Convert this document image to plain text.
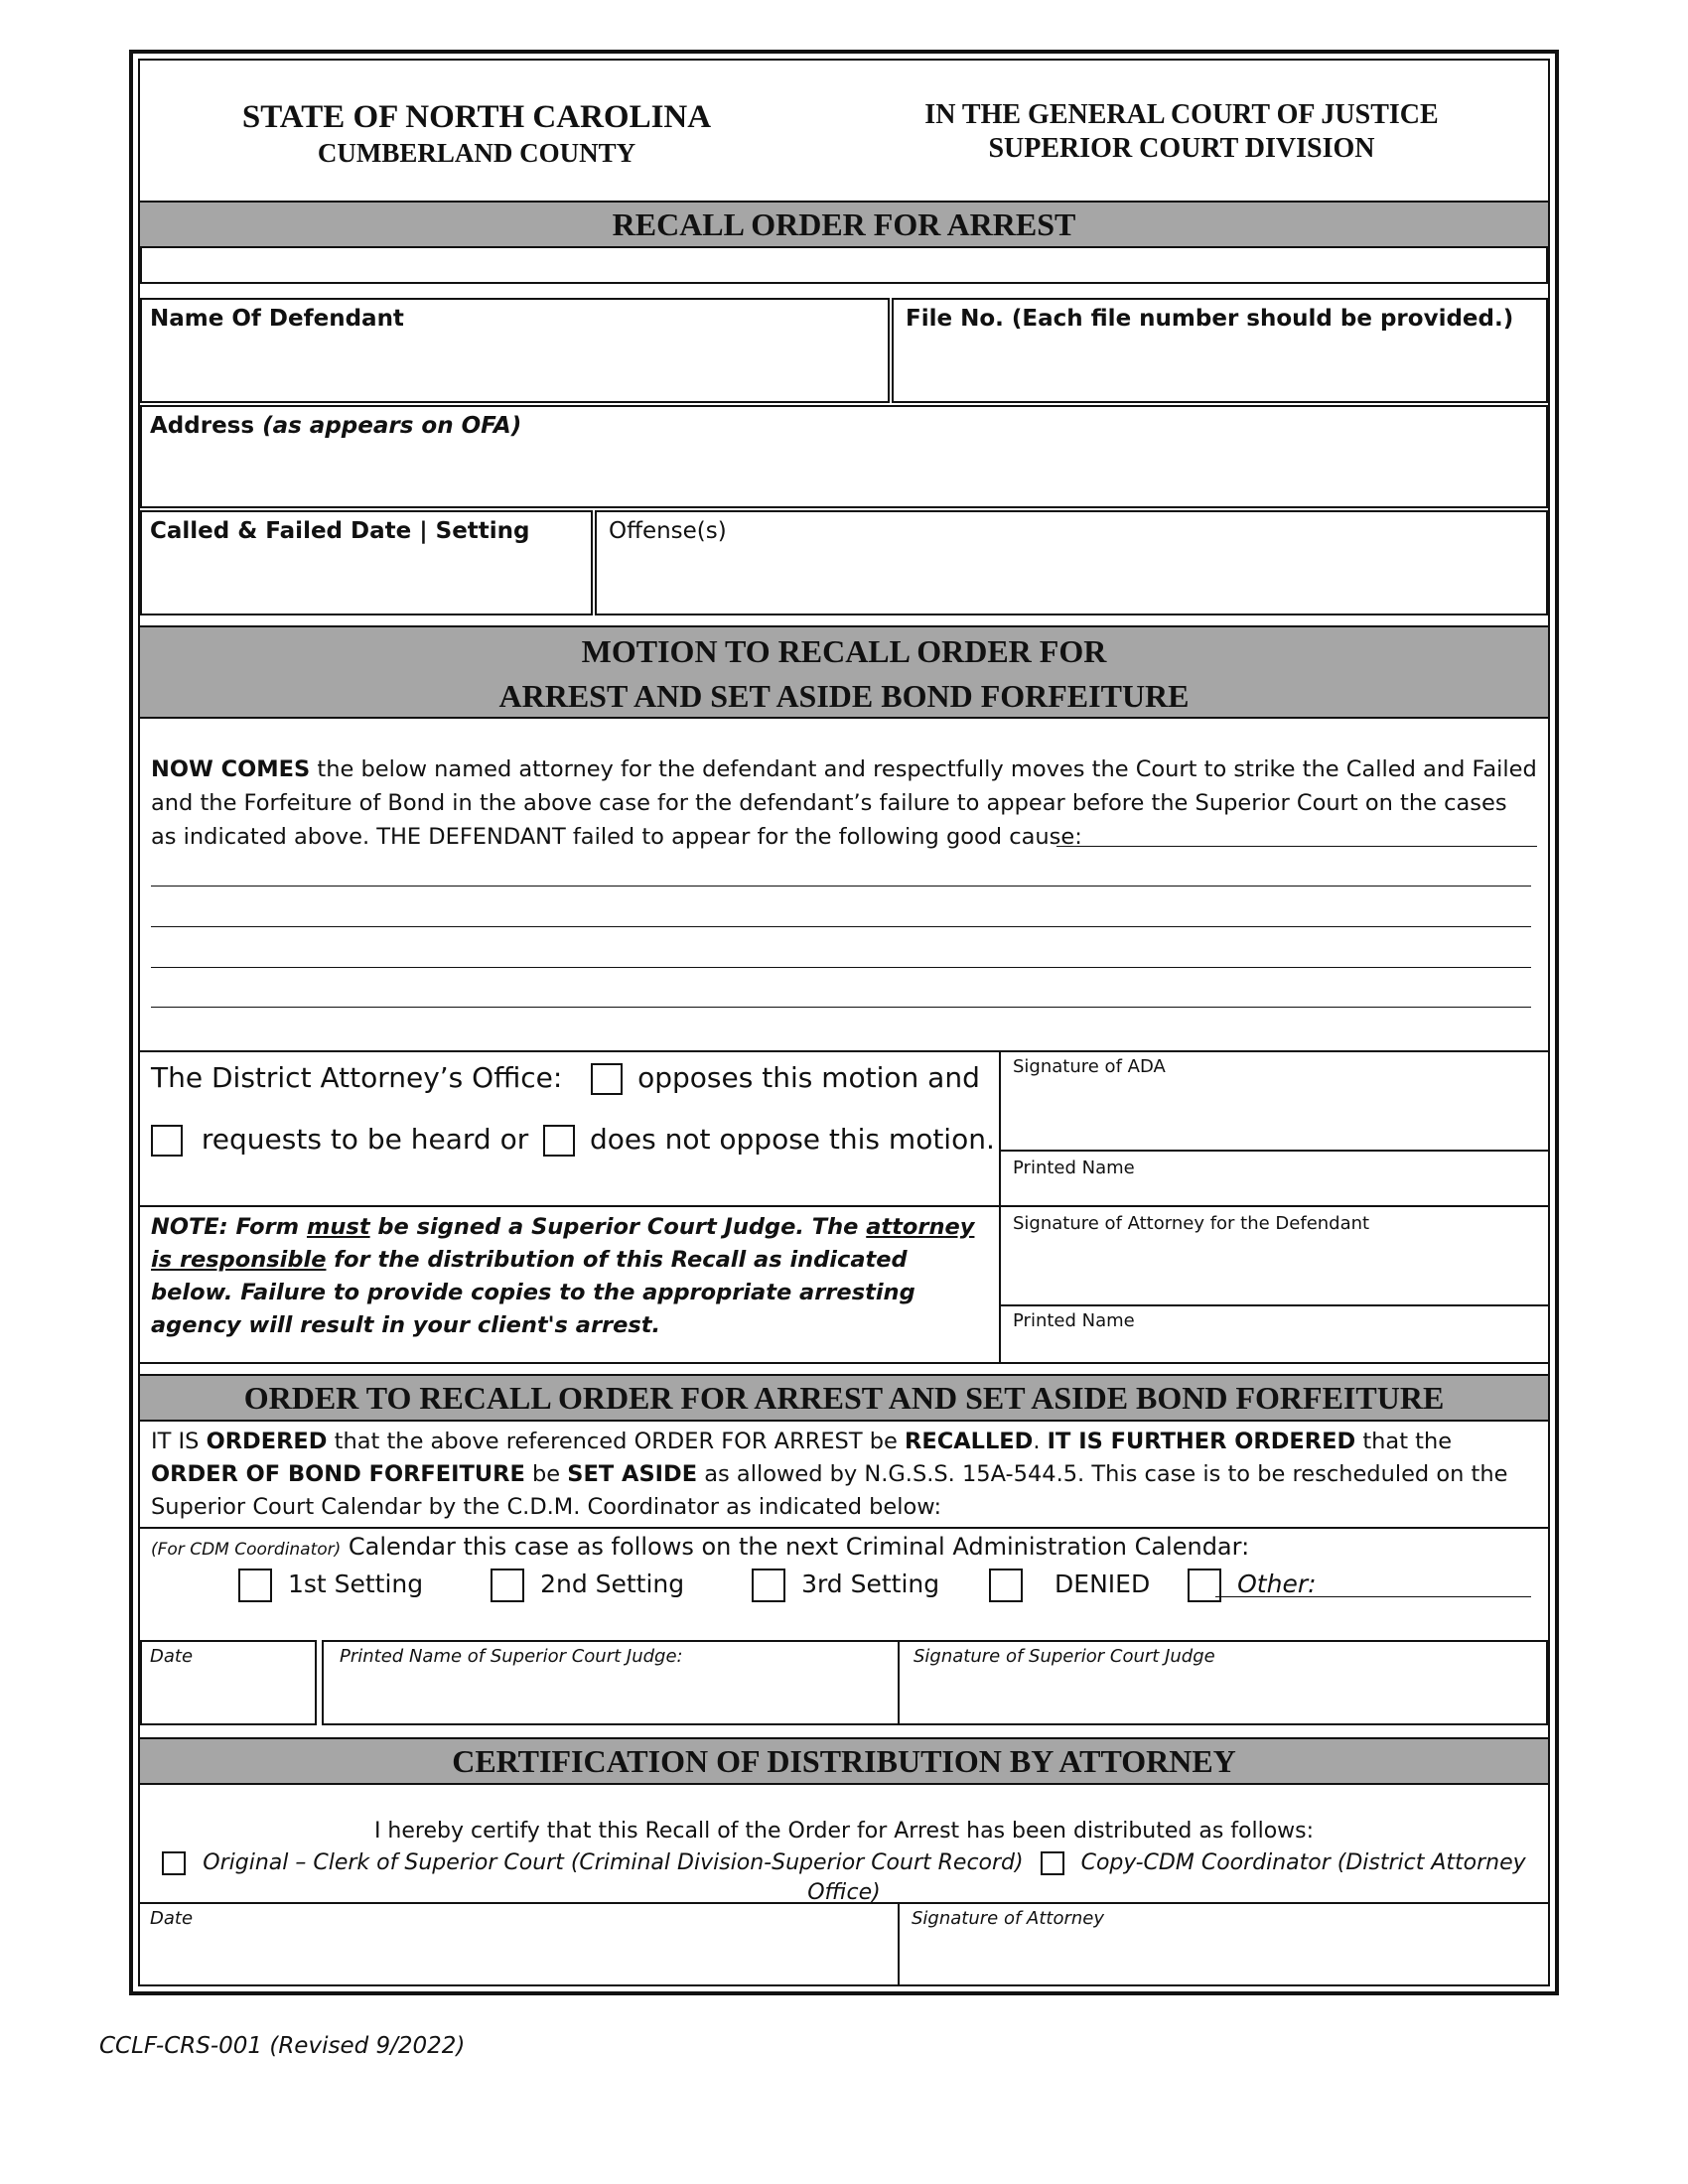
STATE OF NORTH CAROLINA
CUMBERLAND COUNTY
IN THE GENERAL COURT OF JUSTICE
SUPERIOR COURT DIVISION
RECALL ORDER FOR ARREST
Name Of Defendant	File No. (Each file number should be provided.)
Address (as appears on OFA)
Called & Failed Date | Setting	Offense(s)
MOTION TO RECALL ORDER FOR
ARREST AND SET ASIDE BOND FORFEITURE
NOW COMES the below named attorney for the defendant and respectfully moves the Court to strike the Called and Failed and the Forfeiture of Bond in the above case for the defendant’s failure to appear before the Superior Court on the cases as indicated above. THE DEFENDANT failed to appear for the following good cause:
The District Attorney’s Office:	opposes this motion and
requests to be heard or does not oppose this motion.
Signature of ADA
Printed Name
Signature of Attorney for the Defendant
Printed Name
NOTE: Form must be signed a Superior Court Judge. The attorney is responsible for the distribution of this Recall as indicated below. Failure to provide copies to the appropriate arresting agency will result in your client's arrest.
ORDER TO RECALL ORDER FOR ARREST AND SET ASIDE BOND FORFEITURE
IT IS ORDERED that the above referenced ORDER FOR ARREST be RECALLED. IT IS FURTHER ORDERED that the ORDER OF BOND FORFEITURE be SET ASIDE as allowed by N.G.S.S. 15A-544.5. This case is to be rescheduled on the Superior Court Calendar by the C.D.M. Coordinator as indicated below:
(For CDM Coordinator) Calendar this case as follows on the next Criminal Administration Calendar:
1st Setting	2nd Setting	3rd Setting	DENIED	Other:
Date	Printed Name of Superior Court Judge:	Signature of Superior Court Judge
CERTIFICATION OF DISTRIBUTION BY ATTORNEY
I hereby certify that this Recall of the Order for Arrest has been distributed as follows:
Original – Clerk of Superior Court (Criminal Division-Superior Court Record)	Copy-CDM Coordinator (District Attorney Office)
Date	Signature of Attorney
CCLF-CRS-001 (Revised 9/2022)
